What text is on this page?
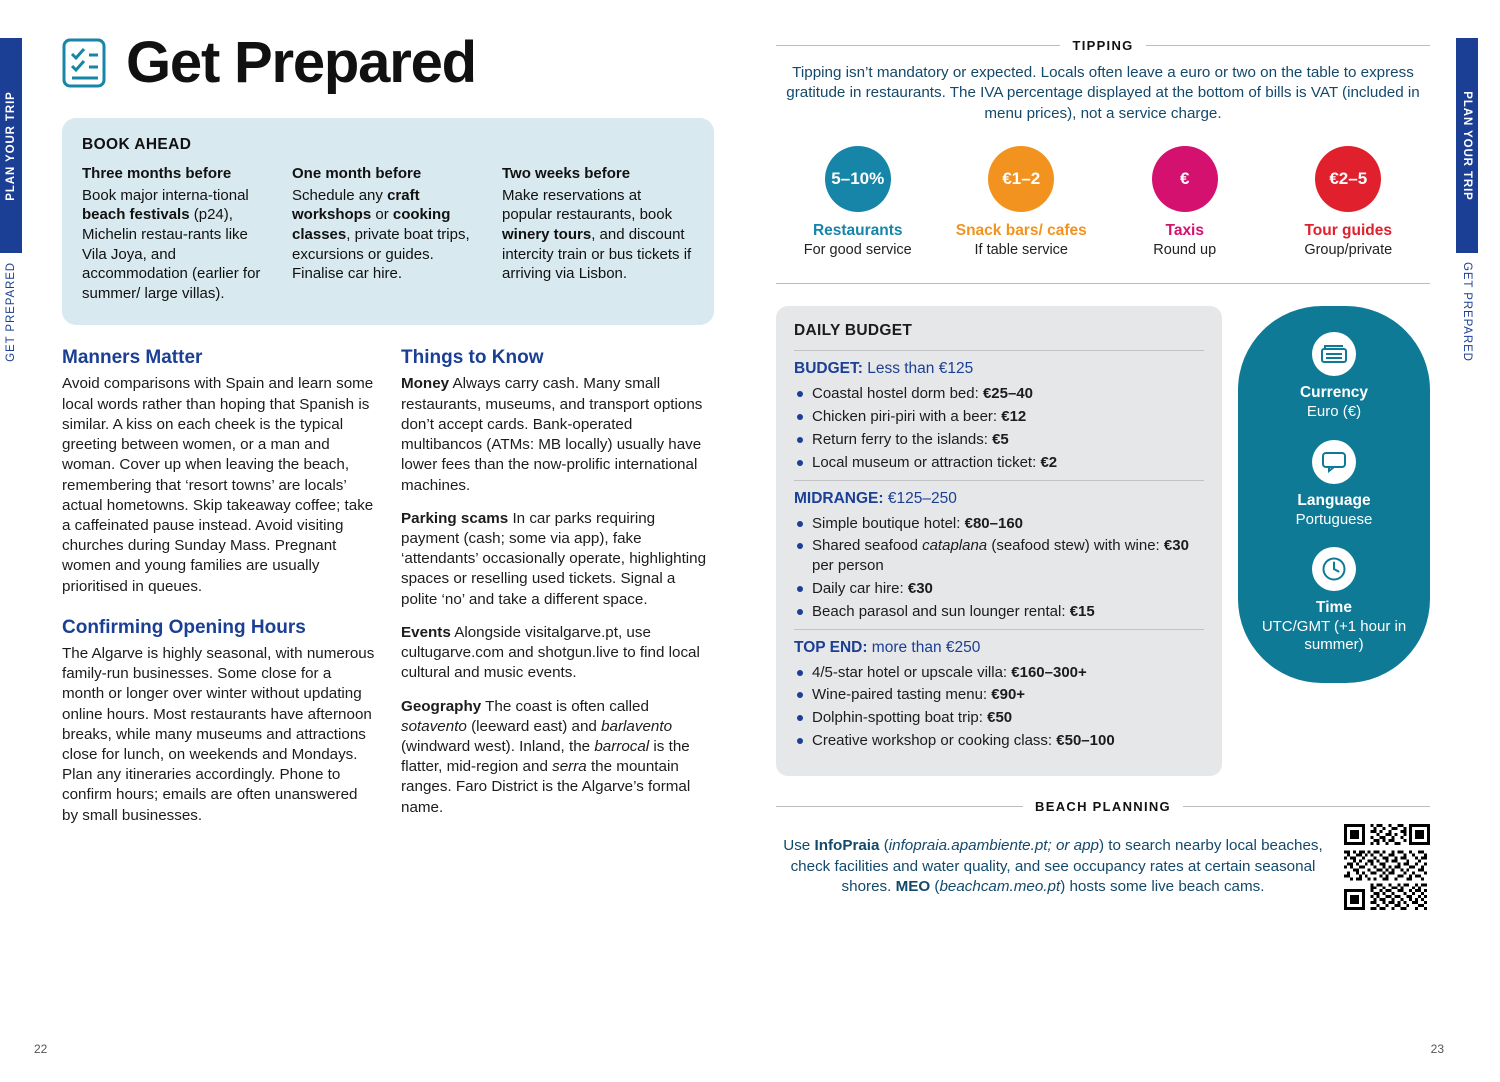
PLAN YOUR TRIP
GET PREPARED
Get Prepared
BOOK AHEAD
Three months before
Book major interna-tional beach festivals (p24), Michelin restau-rants like Vila Joya, and accommodation (earlier for summer/ large villas).
One month before
Schedule any craft workshops or cooking classes, private boat trips, excursions or guides. Finalise car hire.
Two weeks before
Make reservations at popular restaurants, book winery tours, and discount intercity train or bus tickets if arriving via Lisbon.
Manners Matter

Avoid comparisons with Spain and learn some local words rather than hoping that Spanish is similar. A kiss on each cheek is the typical greeting between women, or a man and woman. Cover up when leaving the beach, remembering that ‘resort towns’ are locals’ actual hometowns. Skip takeaway coffee; take a caffeinated pause instead. Avoid visiting churches during Sunday Mass. Pregnant women and young families are usually prioritised in queues.

Confirming Opening Hours

The Algarve is highly seasonal, with numerous family-run businesses. Some close for a month or longer over winter without updating online hours. Most restaurants have afternoon breaks, while many museums and attractions close for lunch, on weekends and Mondays. Plan any itineraries accordingly. Phone to confirm hours; emails are often unanswered by small businesses.

Things to Know

Money Always carry cash. Many small restaurants, museums, and transport options don’t accept cards. Bank-operated multibancos (ATMs: MB locally) usually have lower fees than the now-prolific international machines.

Parking scams In car parks requiring payment (cash; some via app), fake ‘attendants’ occasionally operate, highlighting spaces or reselling used tickets. Signal a polite ‘no’ and take a different space.

Events Alongside visitalgarve.pt, use cultugarve.com and shotgun.live to find local cultural and music events.

Geography The coast is often called sotavento (leeward east) and barlavento (windward west). Inland, the barrocal is the flatter, mid-region and serra the mountain ranges. Faro District is the Algarve’s formal name.

22
TIPPING
Tipping isn’t mandatory or expected. Locals often leave a euro or two on the table to express gratitude in restaurants. The IVA percentage displayed at the bottom of bills is VAT (included in menu prices), not a service charge.
5–10%
Restaurants
For good service
€1–2
Snack bars/ cafes
If table service
€
Taxis
Round up
€2–5
Tour guides
Group/private
DAILY BUDGET
BUDGET: Less than €125
Coastal hostel dorm bed: €25–40
Chicken piri-piri with a beer: €12
Return ferry to the islands: €5
Local museum or attraction ticket: €2
MIDRANGE: €125–250
Simple boutique hotel: €80–160
Shared seafood cataplana (seafood stew) with wine: €30 per person
Daily car hire: €30
Beach parasol and sun lounger rental: €15
TOP END: more than €250
4/5-star hotel or upscale villa: €160–300+
Wine-paired tasting menu: €90+
Dolphin-spotting boat trip: €50
Creative workshop or cooking class: €50–100
Currency
Euro (€)
Language
Portuguese
Time
UTC/GMT (+1 hour in summer)
BEACH PLANNING
Use InfoPraia (infopraia.apambiente.pt; or app) to search nearby local beaches, check facilities and water quality, and see occupancy rates at certain seasonal shores. MEO (beachcam.meo.pt) hosts some live beach cams.
23
PLAN YOUR TRIP
GET PREPARED
